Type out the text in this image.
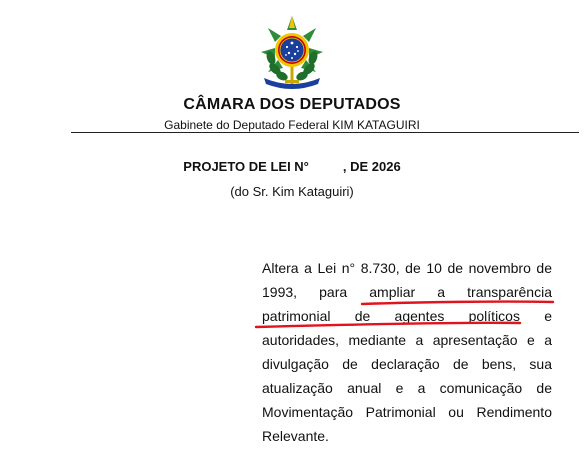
CÂMARA DOS DEPUTADOS
Gabinete do Deputado Federal KIM KATAGUIRI
PROJETO DE LEI N°	, DE 2026
(do Sr. Kim Kataguiri)
Altera a Lei n° 8.730, de 10 de novembro de
1993, para ampliar a transparência
patrimonial de agentes políticos e
autoridades, mediante a apresentação e a
divulgação de declaração de bens, sua
atualização anual e a comunicação de
Movimentação Patrimonial ou Rendimento
Relevante.
